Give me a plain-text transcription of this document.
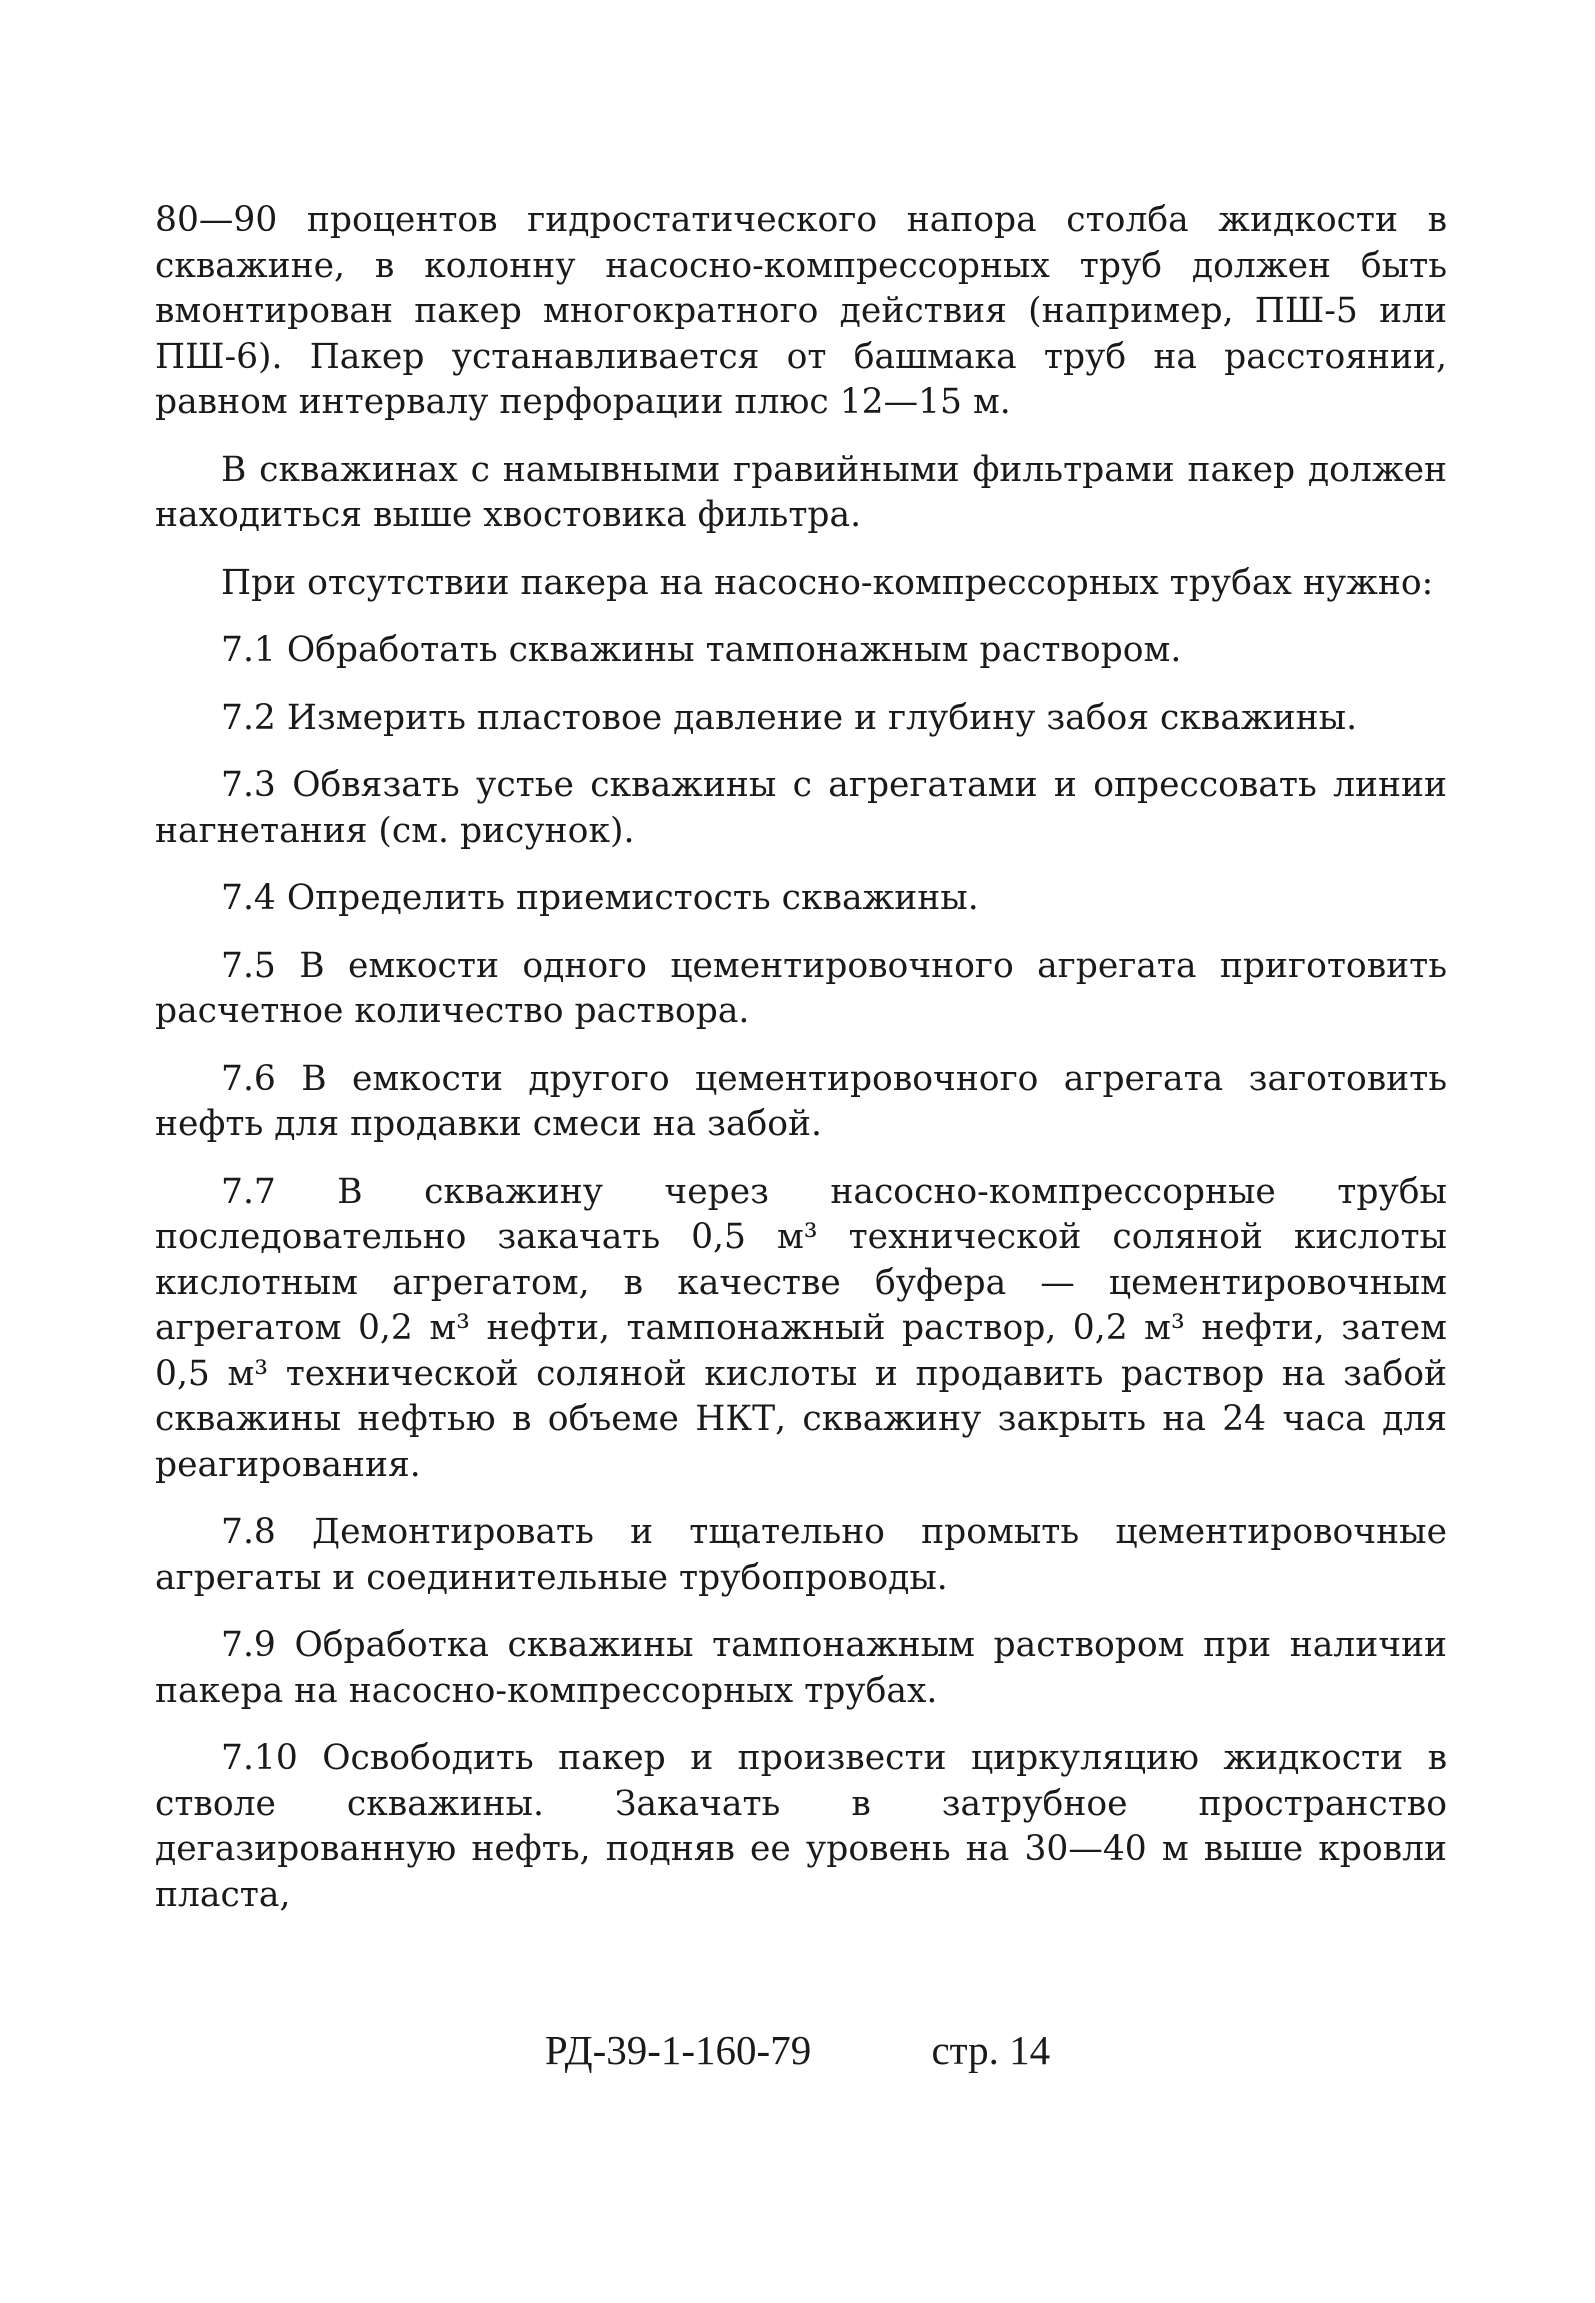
80—90 процентов гидростатического напора столба жидкости в скважине, в колонну насосно-компрессорных труб должен быть вмонтирован пакер многократного действия (например, ПШ-5 или ПШ-6). Пакер устанавливается от башмака труб на расстоянии, равном интервалу перфорации плюс 12—15 м.

В скважинах с намывными гравийными фильтрами пакер должен находиться выше хвостовика фильтра.

При отсутствии пакера на насосно-компрессорных трубах нужно:

7.1 Обработать скважины тампонажным раствором.

7.2 Измерить пластовое давление и глубину забоя скважины.

7.3 Обвязать устье скважины с агрегатами и опрессовать линии нагнетания (см. рисунок).

7.4 Определить приемистость скважины.

7.5 В емкости одного цементировочного агрегата приготовить расчетное количество раствора.

7.6 В емкости другого цементировочного агрегата заготовить нефть для продавки смеси на забой.

7.7 В скважину через насосно-компрессорные трубы последовательно закачать 0,5 м³ технической соляной кислоты кислотным агрегатом, в качестве буфера — цементировочным агрегатом 0,2 м³ нефти, тампонажный раствор, 0,2 м³ нефти, затем 0,5 м³ технической соляной кислоты и продавить раствор на забой скважины нефтью в объеме НКТ, скважину закрыть на 24 часа для реагирования.

7.8 Демонтировать и тщательно промыть цементировочные агрегаты и соединительные трубопроводы.

7.9 Обработка скважины тампонажным раствором при наличии пакера на насосно-компрессорных трубах.

7.10 Освободить пакер и произвести циркуляцию жидкости в стволе скважины. Закачать в затрубное пространство дегазированную нефть, подняв ее уровень на 30—40 м выше кровли пласта,

РД-39-1-160-79	стр. 14
